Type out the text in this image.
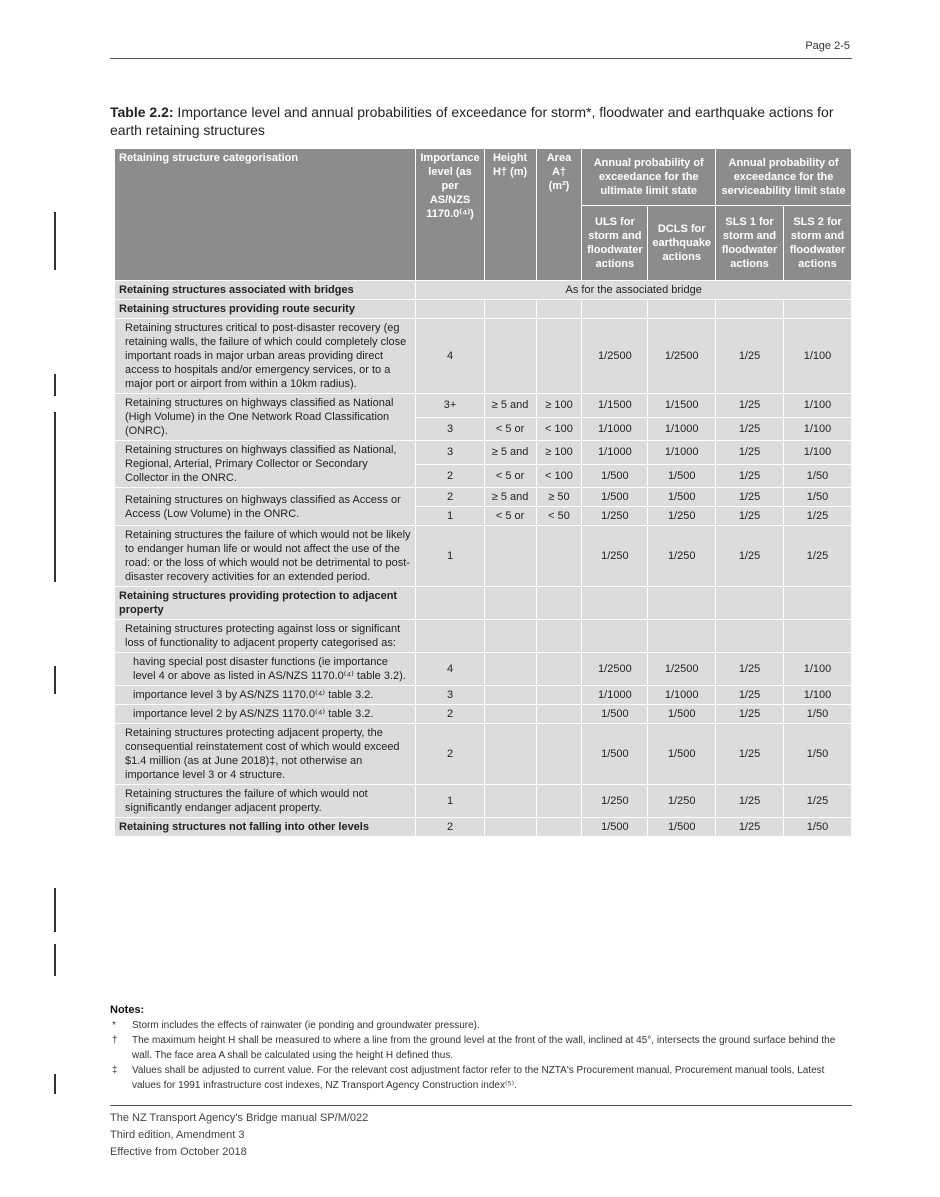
Page 2-5
Table 2.2: Importance level and annual probabilities of exceedance for storm*, floodwater and earthquake actions for earth retaining structures
Retaining structure categorisation	Importance level (as per AS/NZS 1170.0⁽⁴⁾)	Height H† (m)	Area A† (m²)	Annual probability of exceedance for the ultimate limit state		Annual probability of exceedance for the serviceability limit state	
				ULS for storm and floodwater actions	DCLS for earthquake actions	SLS 1 for storm and floodwater actions	SLS 2 for storm and floodwater actions
Retaining structures associated with bridges	As for the associated bridge						
Retaining structures providing route security							
Retaining structures critical to post-disaster recovery (eg retaining walls, the failure of which could completely close important roads in major urban areas providing direct access to hospitals and/or emergency services, or to a major port or airport from within a 10km radius).	4			1/2500	1/2500	1/25	1/100
Retaining structures on highways classified as National (High Volume) in the One Network Road Classification (ONRC).	3+	≥ 5 and	≥ 100	1/1500	1/1500	1/25	1/100
	3	< 5 or	< 100	1/1000	1/1000	1/25	1/100
Retaining structures on highways classified as National, Regional, Arterial, Primary Collector or Secondary Collector in the ONRC.	3	≥ 5 and	≥ 100	1/1000	1/1000	1/25	1/100
	2	< 5 or	< 100	1/500	1/500	1/25	1/50
Retaining structures on highways classified as Access or Access (Low Volume) in the ONRC.	2	≥ 5 and	≥ 50	1/500	1/500	1/25	1/50
	1	< 5 or	< 50	1/250	1/250	1/25	1/25
Retaining structures the failure of which would not be likely to endanger human life or would not affect the use of the road: or the loss of which would not be detrimental to post-disaster recovery activities for an extended period.	1			1/250	1/250	1/25	1/25
Retaining structures providing protection to adjacent property							
Retaining structures protecting against loss or significant loss of functionality to adjacent property categorised as:							
having special post disaster functions (ie importance level 4 or above as listed in AS/NZS 1170.0⁽⁴⁾ table 3.2).	4			1/2500	1/2500	1/25	1/100
importance level 3 by AS/NZS 1170.0⁽⁴⁾ table 3.2.	3			1/1000	1/1000	1/25	1/100
importance level 2 by AS/NZS 1170.0⁽⁴⁾ table 3.2.	2			1/500	1/500	1/25	1/50
Retaining structures protecting adjacent property, the consequential reinstatement cost of which would exceed $1.4 million (as at June 2018)‡, not otherwise an importance level 3 or 4 structure.	2			1/500	1/500	1/25	1/50
Retaining structures the failure of which would not significantly endanger adjacent property.	1			1/250	1/250	1/25	1/25
Retaining structures not falling into other levels	2			1/500	1/500	1/25	1/50
Notes:
* Storm includes the effects of rainwater (ie ponding and groundwater pressure).
† The maximum height H shall be measured to where a line from the ground level at the front of the wall, inclined at 45°, intersects the ground surface behind the wall. The face area A shall be calculated using the height H defined thus.
‡ Values shall be adjusted to current value. For the relevant cost adjustment factor refer to the NZTA's Procurement manual, Procurement manual tools, Latest values for 1991 infrastructure cost indexes, NZ Transport Agency Construction index⁽⁵⁾.
The NZ Transport Agency's Bridge manual SP/M/022
Third edition, Amendment 3
Effective from October 2018
